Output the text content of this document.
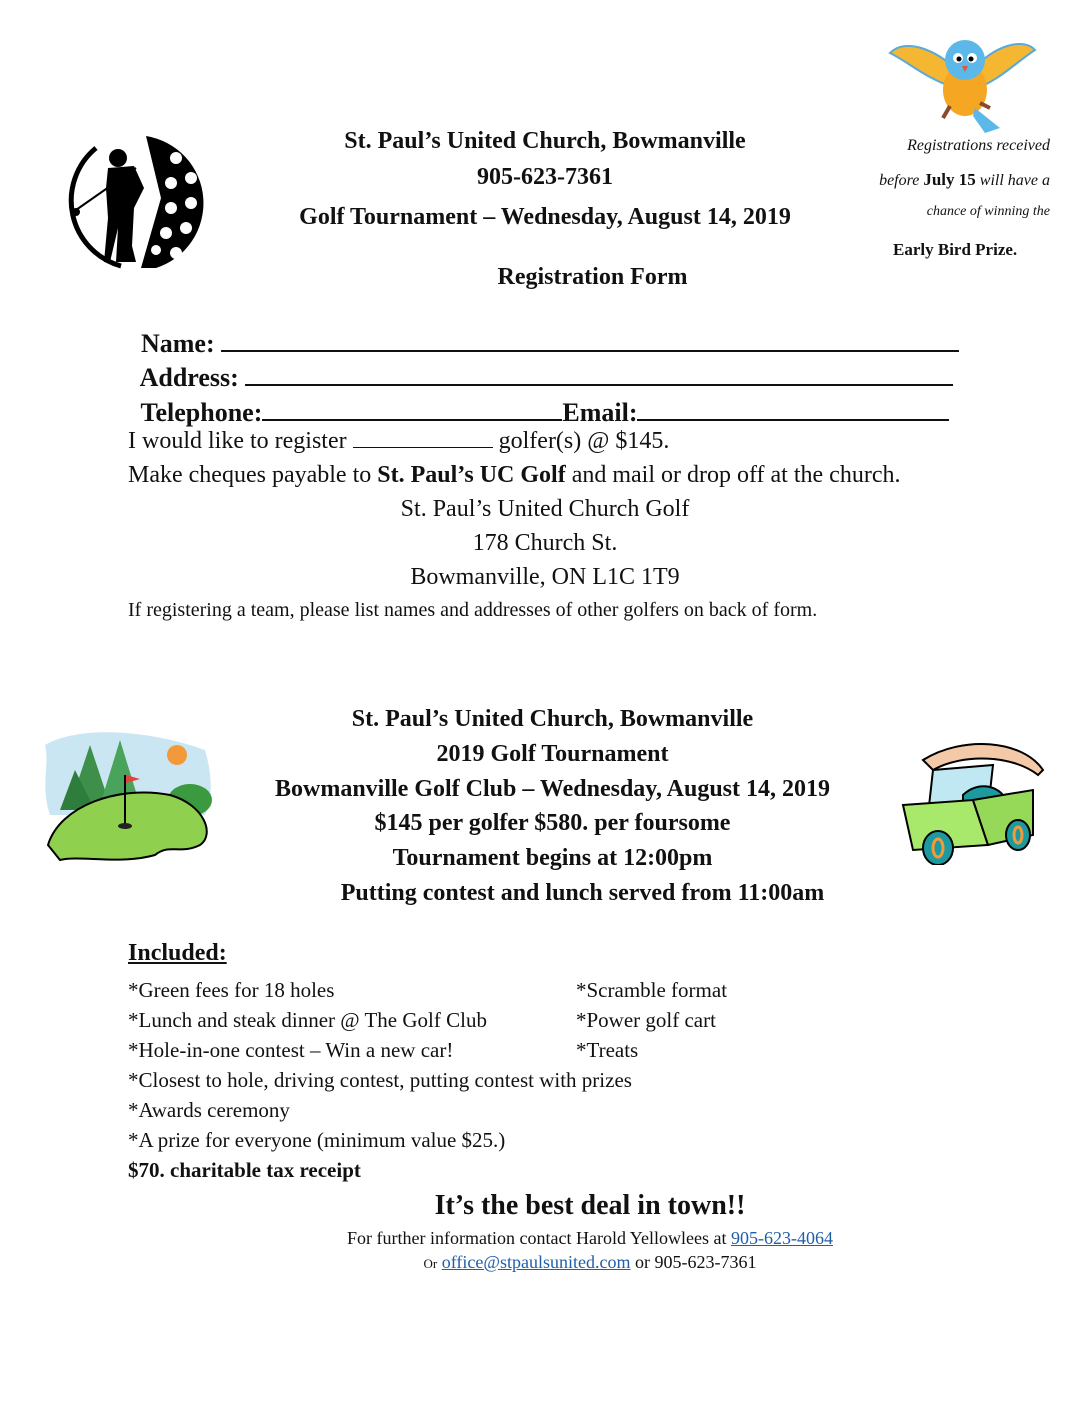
St. Paul’s United Church, Bowmanville
905-623-7361
Golf Tournament – Wednesday, August 14, 2019
Registration Form
Registrations received
before July 15 will have a
chance of winning the
Early Bird Prize.

Name:

Address:

Telephone:	Email:

I would like to register	golfer(s) @ $145.
Make cheques payable to St. Paul’s UC Golf and mail or drop off at the church.
St. Paul’s United Church Golf
178 Church St.
Bowmanville, ON L1C 1T9
If registering a team, please list names and addresses of other golfers on back of form.
St. Paul’s United Church, Bowmanville
2019 Golf Tournament
Bowmanville Golf Club – Wednesday, August 14, 2019
$145 per golfer $580. per foursome
Tournament begins at 12:00pm
Putting contest and lunch served from 11:00am
Included:
*Green fees for 18 holes
*Lunch and steak dinner @ The Golf Club
*Hole-in-one contest – Win a new car!
*Closest to hole, driving contest, putting contest with prizes
*Awards ceremony
*A prize for everyone (minimum value $25.)
$70. charitable tax receipt
*Scramble format
*Power golf cart
*Treats
It’s the best deal in town!!
For further information contact Harold Yellowlees at 905-623-4064
Or office@stpaulsunited.com or 905-623-7361
